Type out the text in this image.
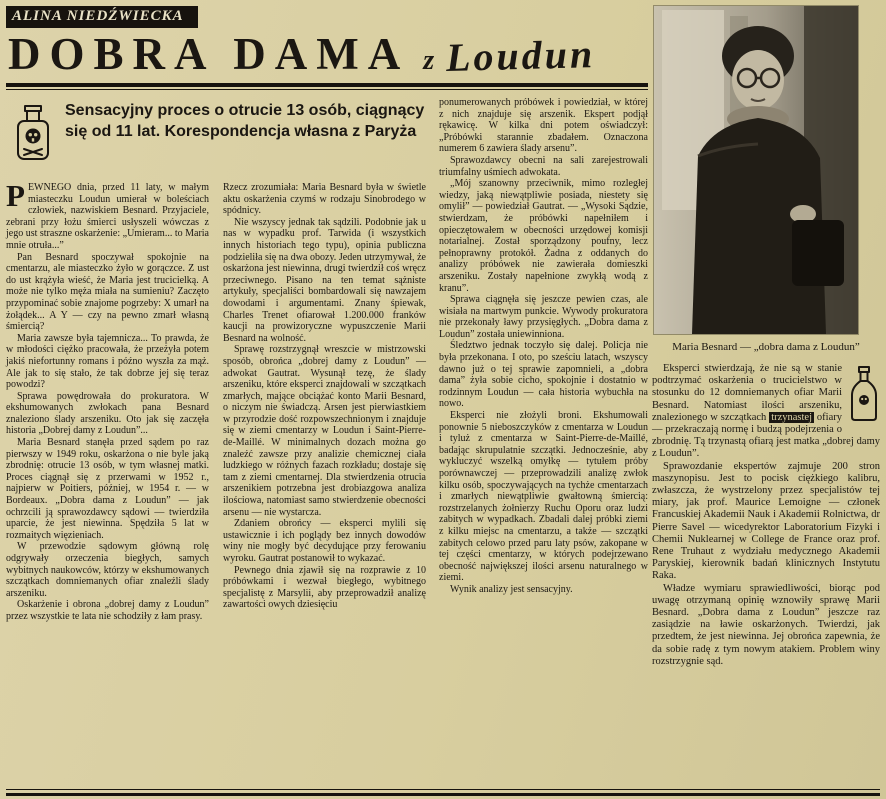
ALINA NIEDŹWIECKA
DOBRA DAMA z Loudun
Sensacyjny proces o otrucie 13 osób, ciągnący się od 11 lat. Korespondencja własna z Paryża

PEWNEGO dnia, przed 11 laty, w małym miasteczku Loudun umierał w boleściach człowiek, nazwiskiem Besnard. Przyjaciele, zebrani przy łożu śmierci usłyszeli wówczas z jego ust straszne oskarżenie: „Umieram... to Maria mnie otruła...”

Pan Besnard spoczywał spokojnie na cmentarzu, ale miasteczko żyło w gorączce. Z ust do ust krążyła wieść, że Maria jest trucicielką. A może nie tylko męża miała na sumieniu? Zaczęto przypominać sobie znajome pogrzeby: X umarł na żołądek... A Y — czy na pewno zmarł własną śmiercią?

Maria zawsze była tajemnicza... To prawda, że w młodości ciężko pracowała, że przeżyła potem jakiś niefortunny romans i późno wyszła za mąż. Ale jak to się stało, że tak dobrze jej się teraz powodzi?

Sprawa powędrowała do prokuratora. W ekshumowanych zwłokach pana Besnard znaleziono ślady arszeniku. Oto jak się zaczęła historia „Dobrej damy z Loudun”...

Maria Besnard stanęła przed sądem po raz pierwszy w 1949 roku, oskarżona o nie byle jaką zbrodnię: otrucie 13 osób, w tym własnej matki. Proces ciągnął się z przerwami w 1952 r., najpierw w Poitiers, później, w 1954 r. — w Bordeaux. „Dobra dama z Loudun” — jak ochrzcili ją sprawozdawcy sądowi — twierdziła uparcie, że jest niewinna. Spędziła 5 lat w rozmaitych więzieniach.

W przewodzie sądowym główną rolę odgrywały orzeczenia biegłych, samych wybitnych naukowców, którzy w ekshumowanych szczątkach domniemanych ofiar znaleźli ślady arszeniku.

Oskarżenie i obrona „dobrej damy z Loudun” przez wszystkie te lata nie schodziły z łam prasy.

Rzecz zrozumiała: Maria Besnard była w świetle aktu oskarżenia czymś w rodzaju Sinobrodego w spódnicy.

Nie wszyscy jednak tak sądzili. Podobnie jak u nas w wypadku prof. Tarwida (i wszystkich innych historiach tego typu), opinia publiczna podzieliła się na dwa obozy. Jeden utrzymywał, że oskarżona jest niewinna, drugi twierdził coś wręcz przeciwnego. Pisano na ten temat sążniste artykuły, specjaliści bombardowali się nawzajem dowodami i argumentami. Znany śpiewak, Charles Trenet ofiarował 1.200.000 franków kaucji na prowizoryczne wypuszczenie Marii Besnard na wolność.

Sprawę rozstrzygnął wreszcie w mistrzowski sposób, obrońca „dobrej damy z Loudun” — adwokat Gautrat. Wysunął tezę, że ślady arszeniku, które eksperci znajdowali w szczątkach zmarłych, mające obciążać konto Marii Besnard, o niczym nie świadczą. Arsen jest pierwiastkiem w przyrodzie dość rozpowszechnionym i znajduje się w ziemi cmentarzy w Loudun i Saint-Pierre-de-Maillé. W minimalnych dozach można go znaleźć zawsze przy analizie chemicznej ciała ludzkiego w różnych fazach rozkładu; dostaje się tam z ziemi cmentarnej. Dla stwierdzenia otrucia arszenikiem potrzebna jest drobiazgowa analiza ilościowa, natomiast samo stwierdzenie obecności arsenu — nie wystarcza.

Zdaniem obrońcy — eksperci mylili się ustawicznie i ich poglądy bez innych dowodów winy nie mogły być decydujące przy ferowaniu wyroku. Gautrat postanowił to wykazać.

Pewnego dnia zjawił się na rozprawie z 10 próbówkami i wezwał biegłego, wybitnego specjalistę z Marsylii, aby przeprowadził analizę zawartości owych dziesięciu

ponumerowanych próbówek i powiedział, w której z nich znajduje się arszenik. Ekspert podjął rękawicę. W kilka dni potem oświadczył: „Próbówki starannie zbadałem. Oznaczona numerem 6 zawiera ślady arsenu”.

Sprawozdawcy obecni na sali zarejestrowali triumfalny uśmiech adwokata.

„Mój szanowny przeciwnik, mimo rozległej wiedzy, jaką niewątpliwie posiada, niestety się omylił” — powiedział Gautrat. — „Wysoki Sądzie, stwierdzam, że próbówki napełniłem i opieczętowałem w obecności urzędowej komisji notarialnej. Został sporządzony poufny, lecz pełnoprawny protokół. Żadna z oddanych do analizy próbówek nie zawierała domieszki arszeniku. Zostały napełnione zwykłą wodą z kranu”.

Sprawa ciągnęła się jeszcze pewien czas, ale wisiała na martwym punkcie. Wywody prokuratora nie przekonały ławy przysięgłych. „Dobra dama z Loudun” została uniewinniona.

Śledztwo jednak toczyło się dalej. Policja nie była przekonana. I oto, po sześciu latach, wszyscy dawno już o tej sprawie zapomnieli, a „dobra dama” żyła sobie cicho, spokojnie i dostatnio w rodzinnym Loudun — cała historia wybuchła na nowo.

Eksperci nie złożyli broni. Ekshumowali ponownie 5 nieboszczyków z cmentarza w Loudun i tyluż z cmentarza w Saint-Pierre-de-Maillé, badając skrupulatnie szczątki. Jednocześnie, aby wykluczyć wszelką omyłkę — tytułem próby porównawczej — przeprowadzili analizę zwłok kilku osób, spoczywających na tychże cmentarzach i zmarłych niewątpliwie gwałtowną śmiercią: rozstrzelanych żołnierzy Ruchu Oporu oraz ludzi zabitych w wypadkach. Zbadali dalej próbki ziemi z kilku miejsc na cmentarzu, a także — szczątki zabitych celowo przed paru laty psów, zakopane w tej części cmentarzy, w których podejrzewano obecność największej ilości arsenu naturalnego w ziemi.

Wynik analizy jest sensacyjny.

Maria Besnard — „dobra dama z Loudun”

Eksperci stwierdzają, że nie są w stanie podtrzymać oskarżenia o trucicielstwo w stosunku do 12 domniemanych ofiar Marii Besnard. Natomiast ilości arszeniku, znalezionego w szczątkach trzynastej ofiary — przekraczają normę i budzą podejrzenia o zbrodnię. Tą trzynastą ofiarą jest matka „dobrej damy z Loudun”.

Sprawozdanie ekspertów zajmuje 200 stron maszynopisu. Jest to pocisk ciężkiego kalibru, zwłaszcza, że wystrzelony przez specjalistów tej miary, jak prof. Maurice Lemoigne — członek Francuskiej Akademii Nauk i Akademii Rolnictwa, dr Pierre Savel — wicedyrektor Laboratorium Fizyki i Chemii Nuklearnej w College de France oraz prof. Rene Truhaut z wydziału medycznego Akademii Paryskiej, kierownik badań klinicznych Instytutu Raka.

Władze wymiaru sprawiedliwości, biorąc pod uwagę otrzymaną opinię wznowiły sprawę Marii Besnard. „Dobra dama z Loudun” jeszcze raz zasiądzie na ławie oskarżonych. Twierdzi, jak przedtem, że jest niewinna. Jej obrońca zapewnia, że da sobie radę z tym nowym atakiem. Problem winy rozstrzygnie sąd.
